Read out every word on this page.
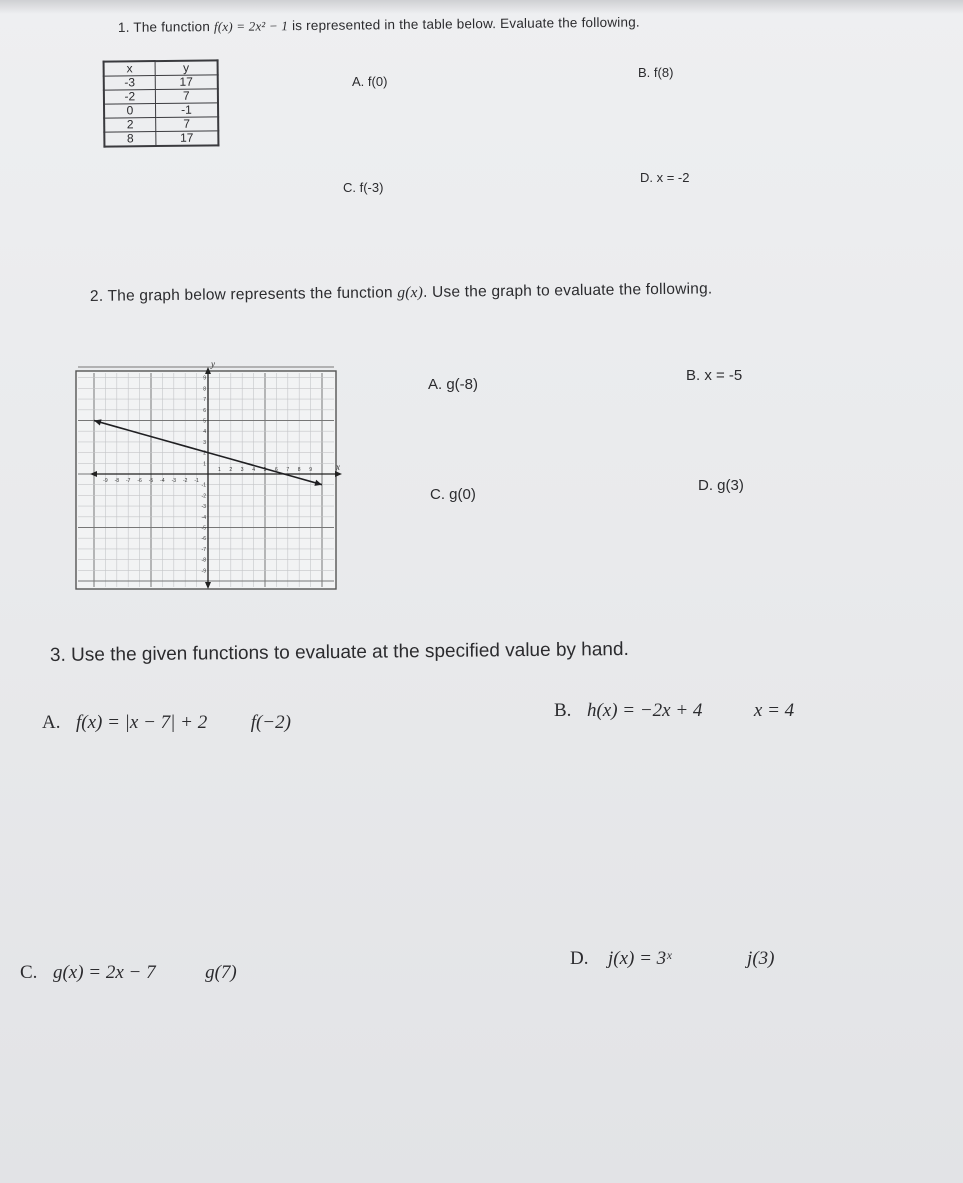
1. The function f(x) = 2x² − 1 is represented in the table below. Evaluate the following.
x	y
-3	17
-2	7
0	-1
2	7
8	17
A. f(0)
B. f(8)
C. f(-3)
D. x = -2
2. The graph below represents the function g(x). Use the graph to evaluate the following.
-9 -8 -7 -6 -5 -4 -3 -2 -1
1 2 3 4 5 6 7 8 9
9
8
7
6
5
4
3
2
1
-1
-2
-3
-4
-5
-6
-7
-8
-9
x
y
A. g(-8)
B. x = -5
C. g(0)
D. g(3)
3. Use the given functions to evaluate at the specified value by hand.
A. f(x) = |x − 7| + 2 f(−2)
B. h(x) = −2x + 4	x = 4
C. g(x) = 2x − 7	g(7)
D. j(x) = 3ˣ	j(3)
